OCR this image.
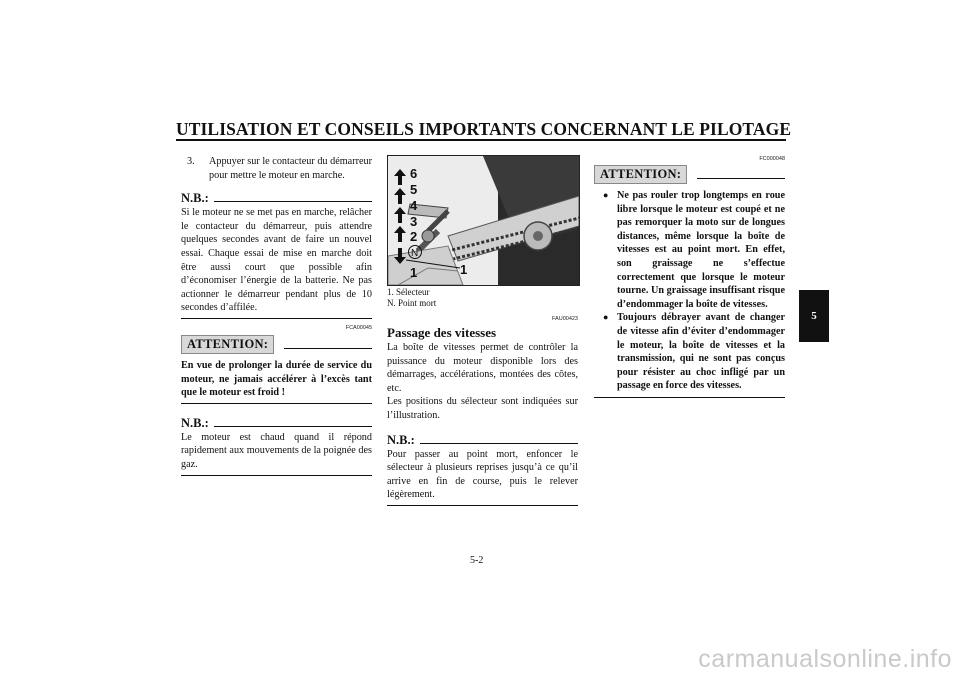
UTILISATION ET CONSEILS IMPORTANTS CONCERNANT LE PILOTAGE
5
3.	Appuyer sur le contacteur du démarreur pour mettre le moteur en marche.
N.B.:
Si le moteur ne se met pas en marche, relâcher le contacteur du démarreur, puis attendre quelques secondes avant de faire un nouvel essai. Chaque essai de mise en marche doit être aussi court que possible afin d’économiser l’énergie de la batterie. Ne pas actionner le démarreur pendant plus de 10 secondes d’affilée.
FCA00045
ATTENTION:
En vue de prolonger la durée de service du moteur, ne jamais accélérer à l’excès tant que le moteur est froid !
N.B.:
Le moteur est chaud quand il répond rapidement aux mouvements de la poignée des gaz.
6
5
4
3
2
1	1
N
1. Sélecteur
N. Point mort
FAU00423
Passage des vitesses
La boîte de vitesses permet de contrôler la puissance du moteur disponible lors des démarrages, accélérations, montées des côtes, etc.
Les positions du sélecteur sont indiquées sur l’illustration.
N.B.:
Pour passer au point mort, enfoncer le sélecteur à plusieurs reprises jusqu’à ce qu’il arrive en fin de course, puis le relever légèrement.
FC000048
ATTENTION:
● Ne pas rouler trop longtemps en roue libre lorsque le moteur est coupé et ne pas remorquer la moto sur de longues distances, même lorsque la boîte de vitesses est au point mort. En effet, son graissage ne s’effectue correctement que lorsque le moteur tourne. Un graissage insuffisant risque d’endommager la boîte de vitesses.
● Toujours débrayer avant de changer de vitesse afin d’éviter d’endommager le moteur, la boîte de vitesses et la transmission, qui ne sont pas conçus pour résister au choc infligé par un passage en force des vitesses.
5-2
carmanualsonline.info
